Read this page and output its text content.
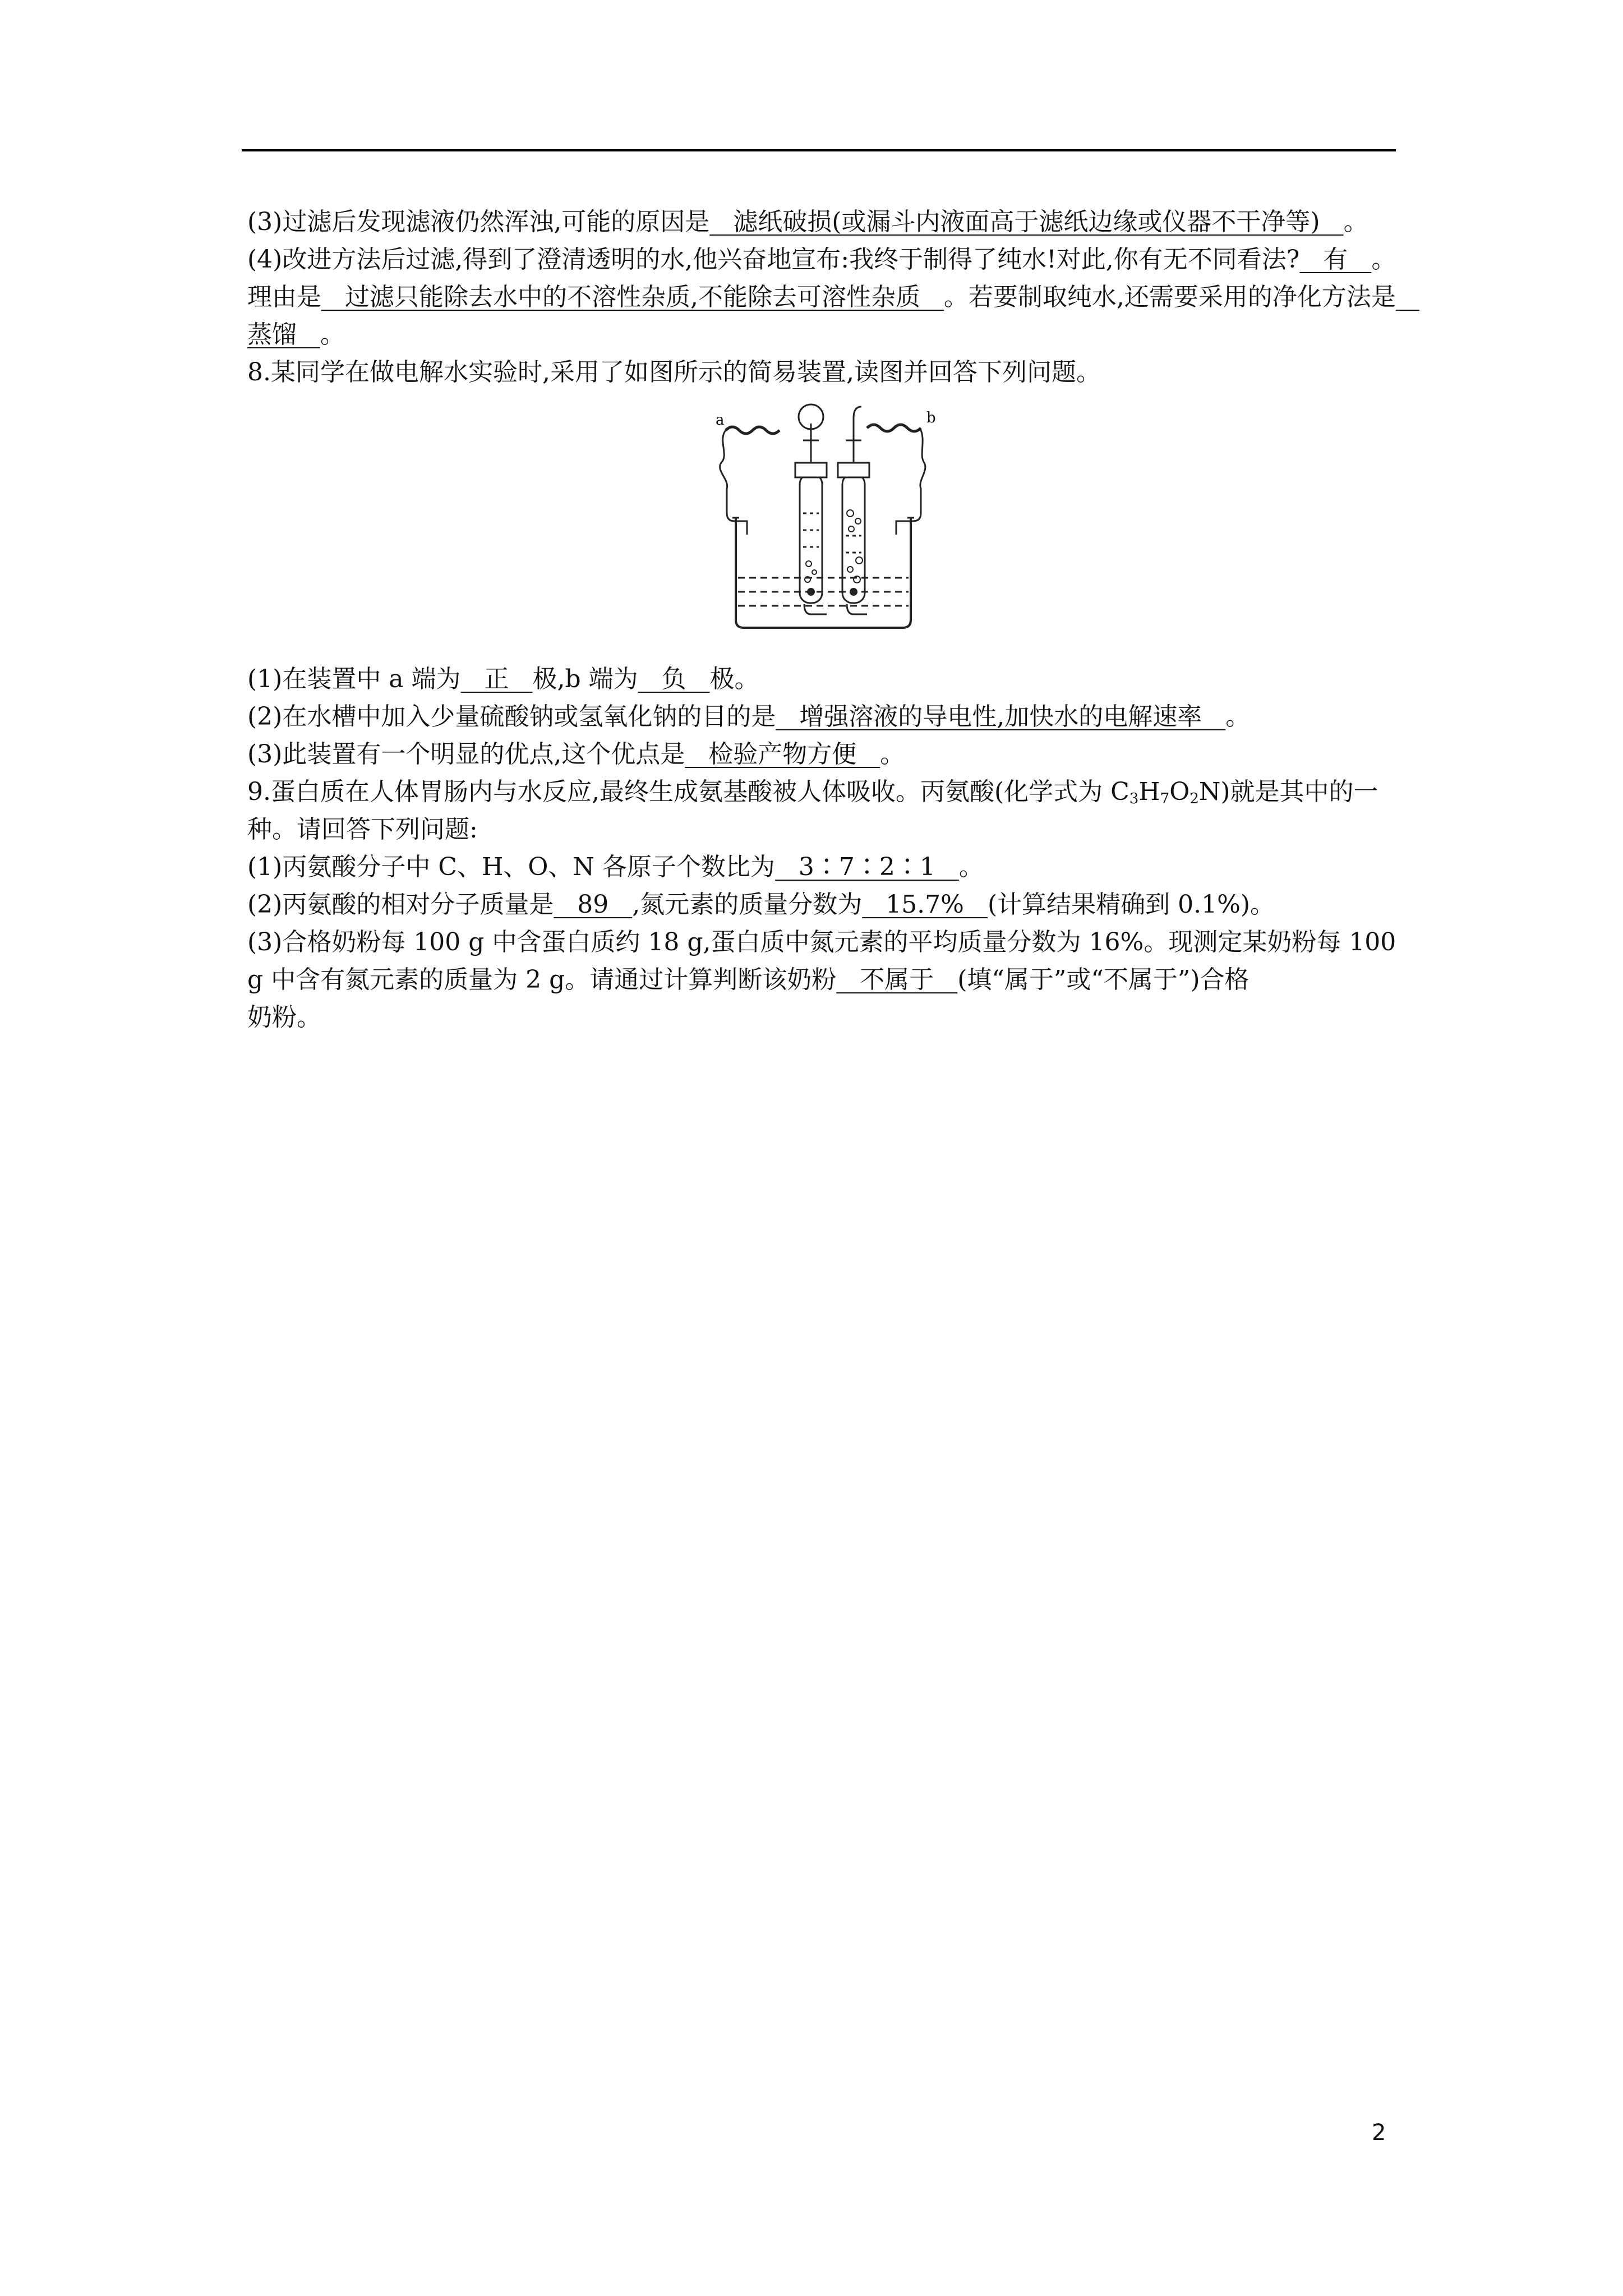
(3)过滤后发现滤液仍然浑浊,可能的原因是   滤纸破损(或漏斗内液面高于滤纸边缘或仪器不干净等)   。

(4)改进方法后过滤,得到了澄清透明的水,他兴奋地宣布:我终于制得了纯水!对此,你有无不同看法?   有   。理由是   过滤只能除去水中的不溶性杂质,不能除去可溶性杂质   。若要制取纯水,还需要采用的净化方法是   蒸馏   。

8.某同学在做电解水实验时,采用了如图所示的简易装置,读图并回答下列问题。

a	b

(1)在装置中 a 端为   正   极,b 端为   负   极。

(2)在水槽中加入少量硫酸钠或氢氧化钠的目的是   增强溶液的导电性,加快水的电解速率   。

(3)此装置有一个明显的优点,这个优点是   检验产物方便   。

9.蛋白质在人体胃肠内与水反应,最终生成氨基酸被人体吸收。丙氨酸(化学式为 $C_3H_7O_2N$)就是其中的一种。请回答下列问题:

(1)丙氨酸分子中 C、H、O、N 各原子个数比为   3∶7∶2∶1   。

(2)丙氨酸的相对分子质量是   89   ,氮元素的质量分数为   15.7%   (计算结果精确到 0.1%)。

(3)合格奶粉每 100 g 中含蛋白质约 18 g,蛋白质中氮元素的平均质量分数为 16%。现测定某奶粉每 100 g 中含有氮元素的质量为 2 g。请通过计算判断该奶粉   不属于   (填“属于”或“不属于”)合格

奶粉。

2
